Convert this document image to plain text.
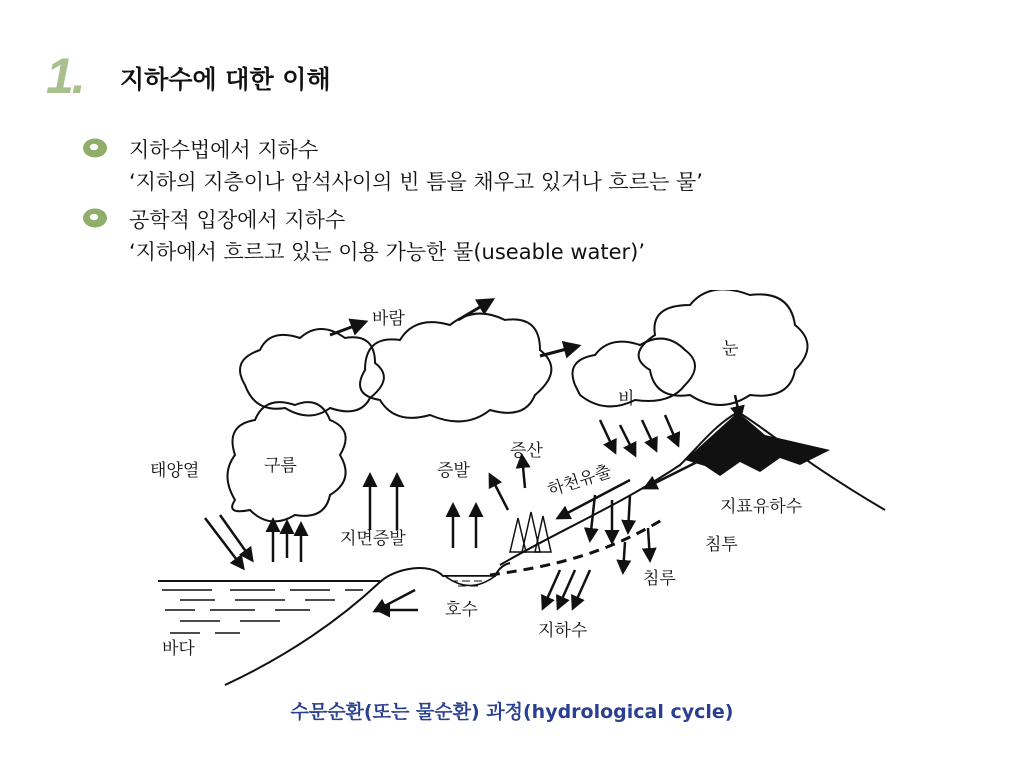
1. 지하수에 대한 이해
지하수법에서 지하수
‘지하의 지층이나 암석사이의 빈 틈을 채우고 있거나 흐르는 물’
공학적 입장에서 지하수
‘지하에서 흐르고 있는 이용 가능한 물(useable water)’
바람
눈
비
태양열	구름	증발
증산
하천유출
지면증발
지표유하수
침투
침루
호수
지하수
바다
수문순환(또는 물순환) 과정(hydrological cycle)
